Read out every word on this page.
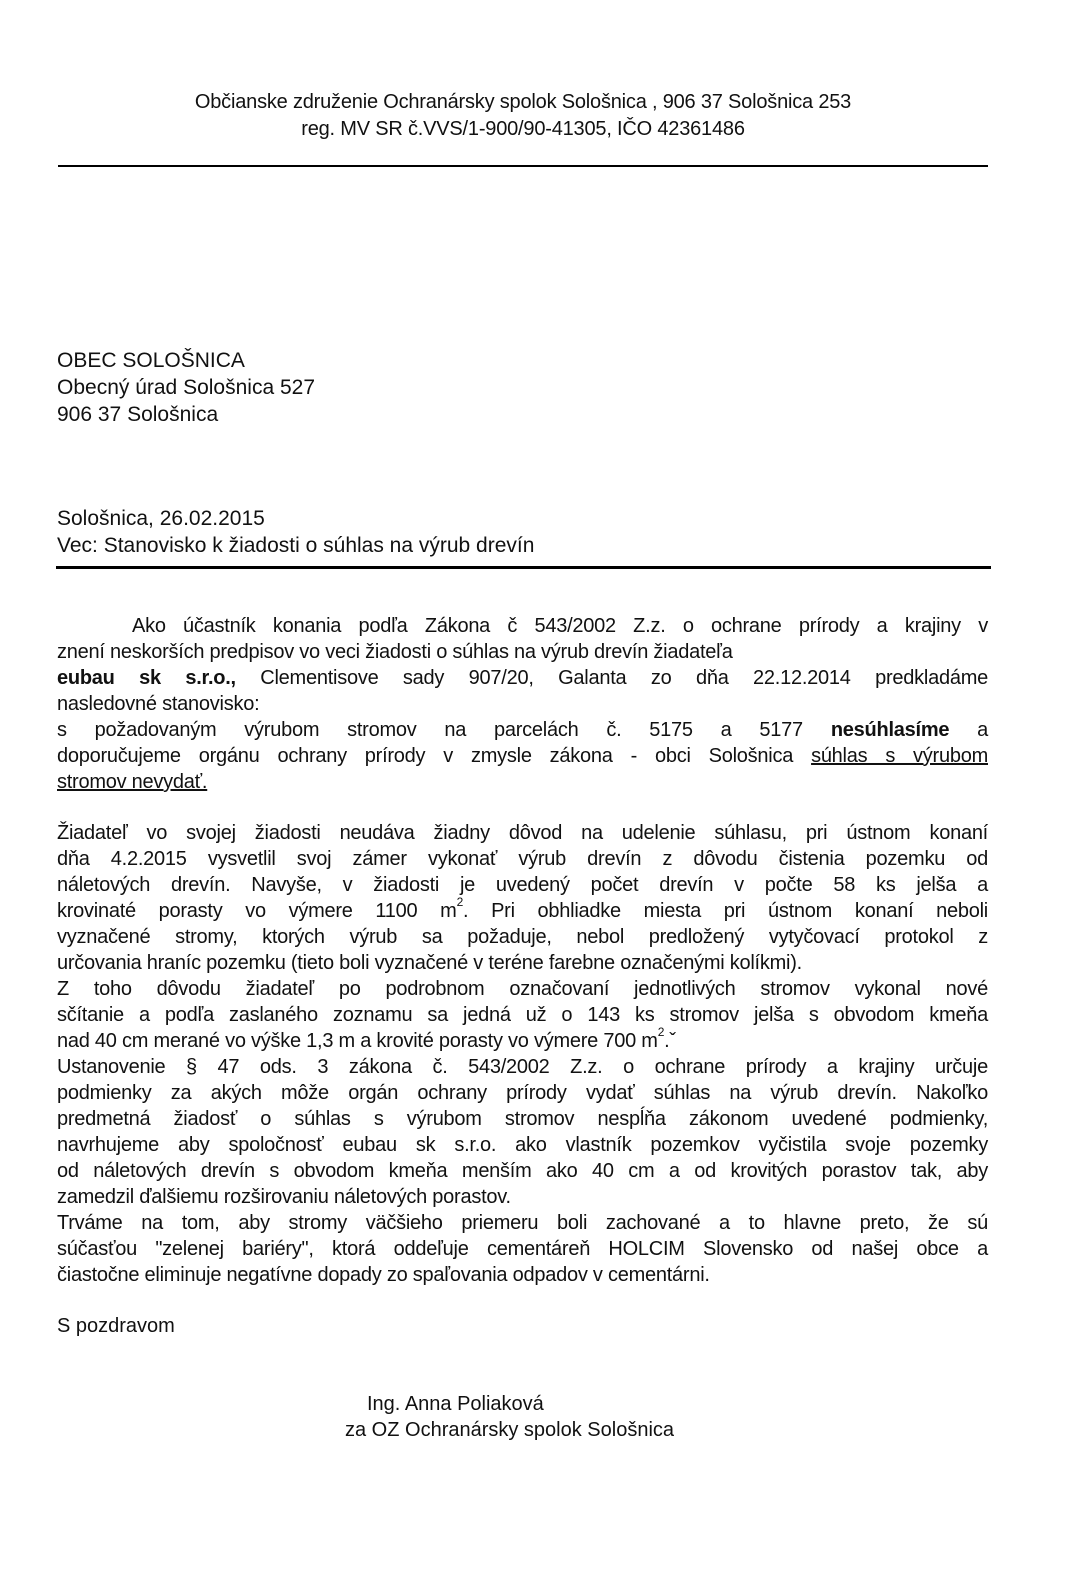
Občianske združenie Ochranársky spolok Sološnica , 906 37 Sološnica 253
reg. MV SR č.VVS/1-900/90-41305, IČO 42361486
OBEC SOLOŠNICA
Obecný úrad Sološnica 527
906 37 Sološnica
Sološnica, 26.02.2015
Vec: Stanovisko k žiadosti o súhlas na výrub drevín
Ako účastník konania podľa Zákona č 543/2002 Z.z. o ochrane prírody a krajiny v
znení neskorších predpisov vo veci žiadosti o súhlas na výrub drevín žiadateľa
eubau sk s.r.o., Clementisove sady 907/20, Galanta zo dňa 22.12.2014 predkladáme
nasledovné stanovisko:
s požadovaným výrubom stromov na parcelách č. 5175 a 5177 nesúhlasíme a
doporučujeme orgánu ochrany prírody v zmysle zákona - obci Sološnica súhlas s výrubom
stromov nevydať.
Žiadateľ vo svojej žiadosti neudáva žiadny dôvod na udelenie súhlasu, pri ústnom konaní
dňa 4.2.2015 vysvetlil svoj zámer vykonať výrub drevín z dôvodu čistenia pozemku od
náletových drevín. Navyše, v žiadosti je uvedený počet drevín v počte 58 ks jelša a
krovinaté porasty vo výmere 1100 $m^2$. Pri obhliadke miesta pri ústnom konaní neboli
vyznačené stromy, ktorých výrub sa požaduje, nebol predložený vytyčovací protokol z
určovania hraníc pozemku (tieto boli vyznačené v teréne farebne označenými kolíkmi).
Z toho dôvodu žiadateľ po podrobnom označovaní jednotlivých stromov vykonal nové
sčítanie a podľa zaslaného zoznamu sa jedná už o 143 ks stromov jelša s obvodom kmeňa
nad 40 cm merané vo výške 1,3 m a krovité porasty vo výmere 700 $m^2.ˇ$
Ustanovenie § 47 ods. 3 zákona č. 543/2002 Z.z. o ochrane prírody a krajiny určuje
podmienky za akých môže orgán ochrany prírody vydať súhlas na výrub drevín. Nakoľko
predmetná žiadosť o súhlas s výrubom stromov nespĺňa zákonom uvedené podmienky,
navrhujeme aby spoločnosť eubau sk s.r.o. ako vlastník pozemkov vyčistila svoje pozemky
od náletových drevín s obvodom kmeňa menším ako 40 cm a od krovitých porastov tak, aby
zamedzil ďalšiemu rozširovaniu náletových porastov.
Trváme na tom, aby stromy väčšieho priemeru boli zachované a to hlavne preto, že sú
súčasťou "zelenej bariéry", ktorá oddeľuje cementáreň HOLCIM Slovensko od našej obce a
čiastočne eliminuje negatívne dopady zo spaľovania odpadov v cementárni.
S pozdravom
Ing. Anna Poliaková
za OZ Ochranársky spolok Sološnica
